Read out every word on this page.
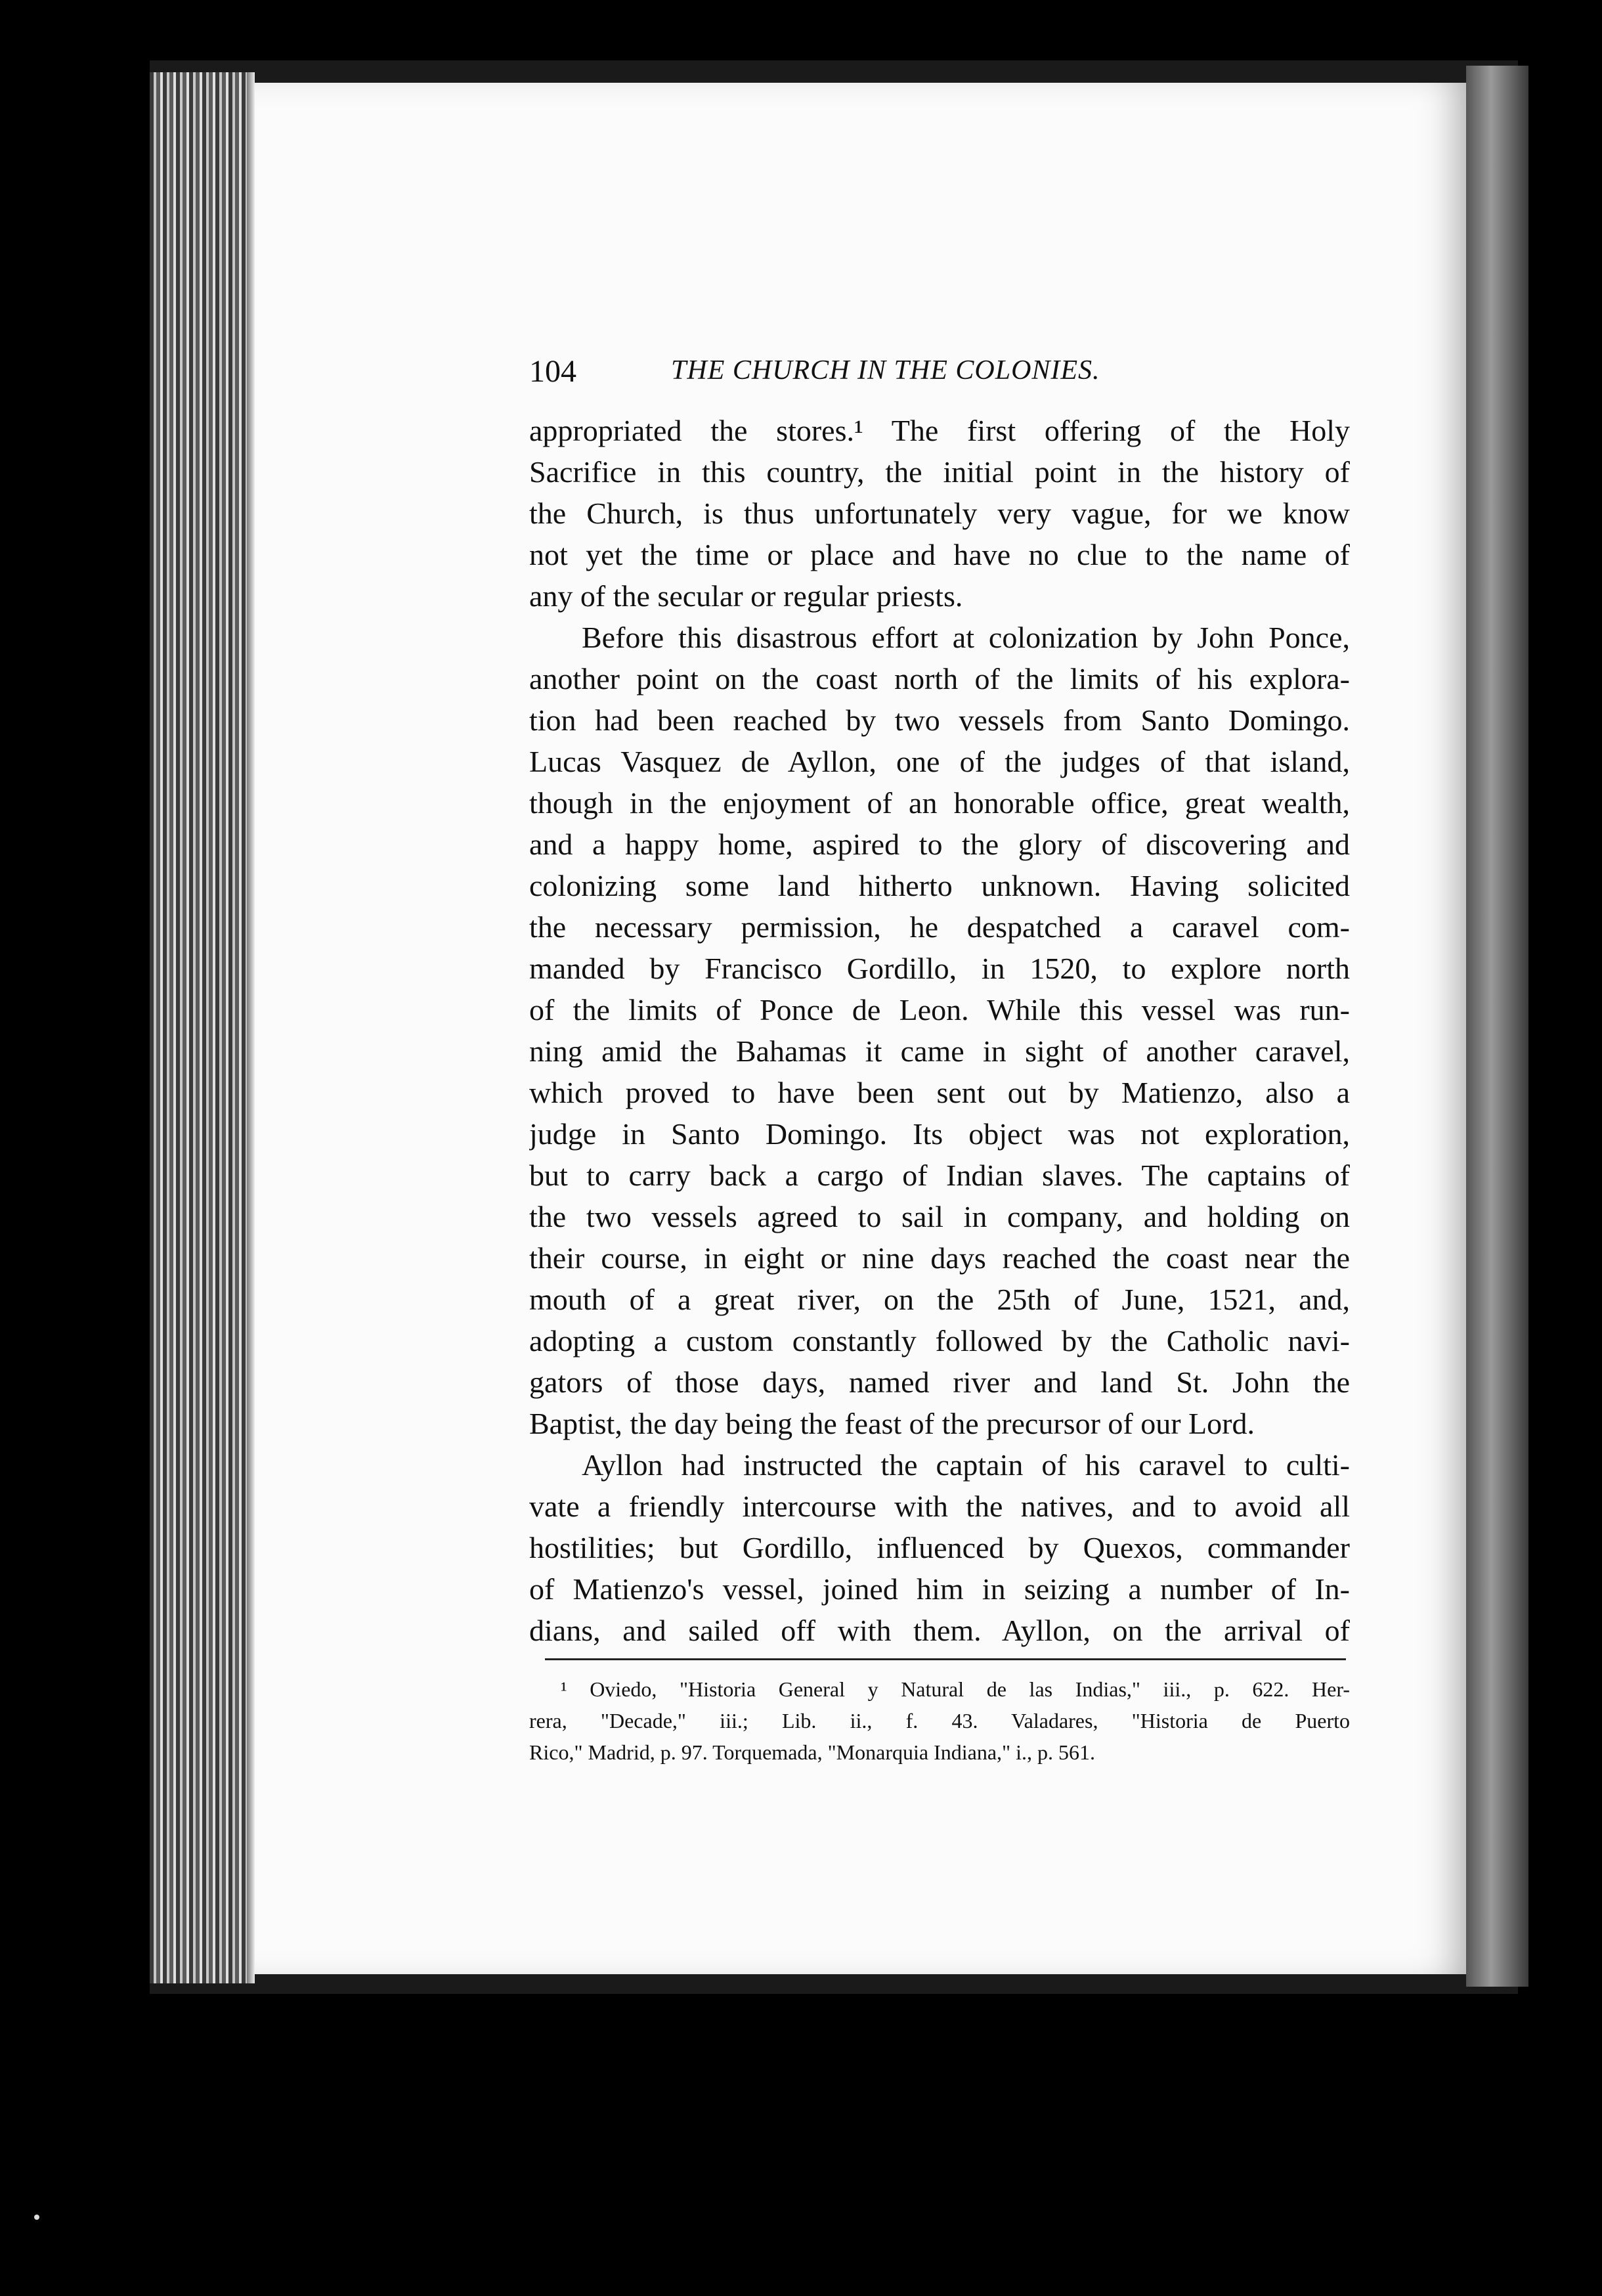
104	THE CHURCH IN THE COLONIES.
appropriated the stores.¹ The first offering of the Holy
Sacrifice in this country, the initial point in the history of
the Church, is thus unfortunately very vague, for we know
not yet the time or place and have no clue to the name of
any of the secular or regular priests.
Before this disastrous effort at colonization by John Ponce,
another point on the coast north of the limits of his explora-
tion had been reached by two vessels from Santo Domingo.
Lucas Vasquez de Ayllon, one of the judges of that island,
though in the enjoyment of an honorable office, great wealth,
and a happy home, aspired to the glory of discovering and
colonizing some land hitherto unknown. Having solicited
the necessary permission, he despatched a caravel com-
manded by Francisco Gordillo, in 1520, to explore north
of the limits of Ponce de Leon. While this vessel was run-
ning amid the Bahamas it came in sight of another caravel,
which proved to have been sent out by Matienzo, also a
judge in Santo Domingo. Its object was not exploration,
but to carry back a cargo of Indian slaves. The captains of
the two vessels agreed to sail in company, and holding on
their course, in eight or nine days reached the coast near the
mouth of a great river, on the 25th of June, 1521, and,
adopting a custom constantly followed by the Catholic navi-
gators of those days, named river and land St. John the
Baptist, the day being the feast of the precursor of our Lord.
Ayllon had instructed the captain of his caravel to culti-
vate a friendly intercourse with the natives, and to avoid all
hostilities; but Gordillo, influenced by Quexos, commander
of Matienzo's vessel, joined him in seizing a number of In-
dians, and sailed off with them. Ayllon, on the arrival of
¹ Oviedo, "Historia General y Natural de las Indias," iii., p. 622. Her-
rera, "Decade," iii.; Lib. ii., f. 43. Valadares, "Historia de Puerto
Rico," Madrid, p. 97. Torquemada, "Monarquia Indiana," i., p. 561.
